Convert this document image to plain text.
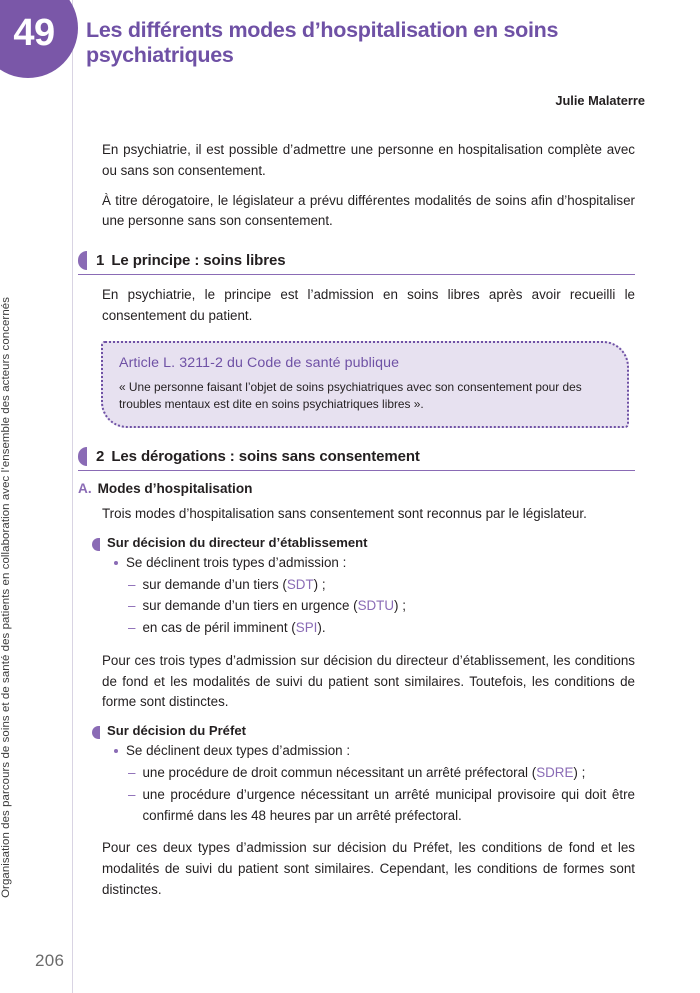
49 Les différents modes d’hospitalisation en soins psychiatriques
Organisation des parcours de soins et de santé des patients en collaboration avec l’ensemble des acteurs concernés
Julie Malaterre

En psychiatrie, il est possible d’admettre une personne en hospitalisation complète avec ou sans son consentement.

À titre dérogatoire, le législateur a prévu différentes modalités de soins afin d’hospitaliser une personne sans son consentement.

1 Le principe : soins libres

En psychiatrie, le principe est l’admission en soins libres après avoir recueilli le consentement du patient.

Article L. 3211-2 du Code de santé publique
« Une personne faisant l’objet de soins psychiatriques avec son consentement pour des troubles mentaux est dite en soins psychiatriques libres ».
2 Les dérogations : soins sans consentement
A. Modes d’hospitalisation

Trois modes d’hospitalisation sans consentement sont reconnus par le législateur.

Sur décision du directeur d’établissement
Se déclinent trois types d’admission :
– sur demande d’un tiers (SDT) ;
– sur demande d’un tiers en urgence (SDTU) ;
– en cas de péril imminent (SPI).

Pour ces trois types d’admission sur décision du directeur d’établissement, les conditions de fond et les modalités de suivi du patient sont similaires. Toutefois, les conditions de forme sont distinctes.

Sur décision du Préfet
Se déclinent deux types d’admission :
– une procédure de droit commun nécessitant un arrêté préfectoral (SDRE) ;
– une procédure d’urgence nécessitant un arrêté municipal provisoire qui doit être confirmé dans les 48 heures par un arrêté préfectoral.

Pour ces deux types d’admission sur décision du Préfet, les conditions de fond et les modalités de suivi du patient sont similaires. Cependant, les conditions de formes sont distinctes.

206
